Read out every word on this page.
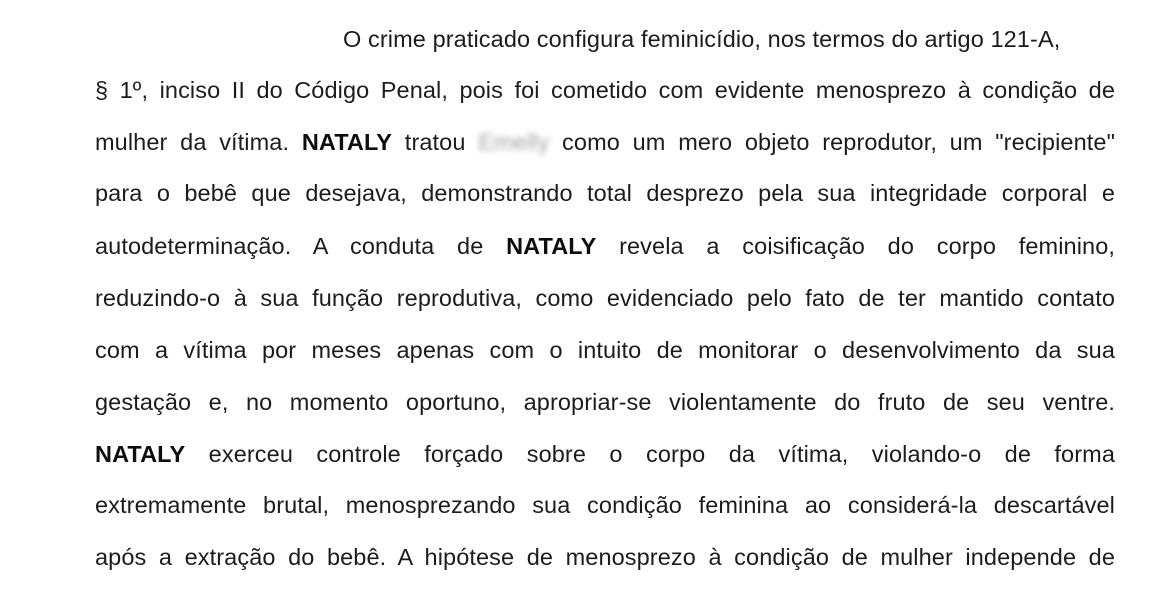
O crime praticado configura feminicídio, nos termos do artigo 121-A,
§ 1º, inciso II do Código Penal, pois foi cometido com evidente menosprezo à condição de
mulher da vítima. NATALY tratou Emelly como um mero objeto reprodutor, um "recipiente"
para o bebê que desejava, demonstrando total desprezo pela sua integridade corporal e
autodeterminação. A conduta de NATALY revela a coisificação do corpo feminino,
reduzindo-o à sua função reprodutiva, como evidenciado pelo fato de ter mantido contato
com a vítima por meses apenas com o intuito de monitorar o desenvolvimento da sua
gestação e, no momento oportuno, apropriar-se violentamente do fruto de seu ventre.
NATALY exerceu controle forçado sobre o corpo da vítima, violando-o de forma
extremamente brutal, menosprezando sua condição feminina ao considerá-la descartável
após a extração do bebê. A hipótese de menosprezo à condição de mulher independe de
